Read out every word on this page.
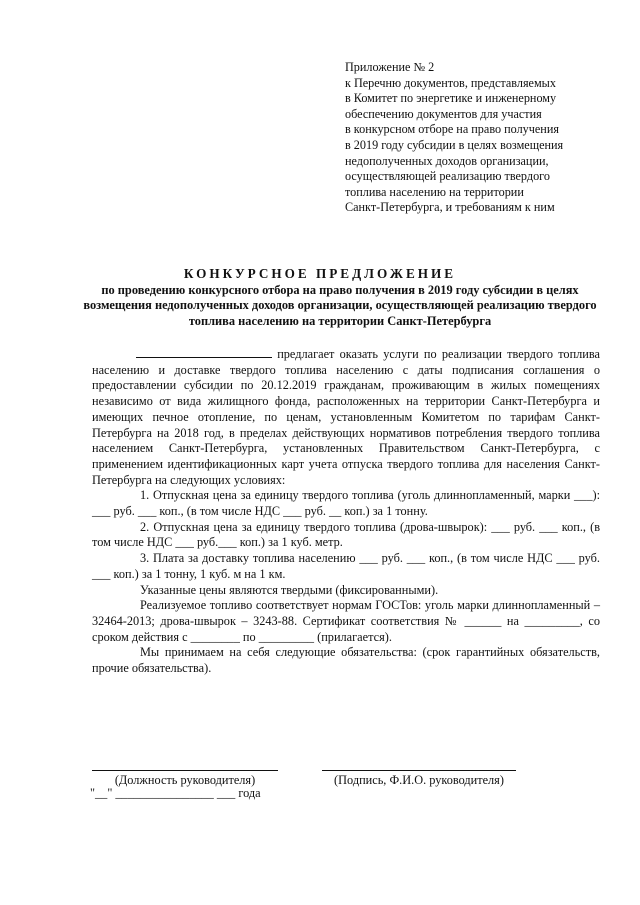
Приложение № 2
к Перечню документов, представляемых
в Комитет по энергетике и инженерному
обеспечению документов для участия
в конкурсном отборе на право получения
в 2019 году субсидии в целях возмещения
недополученных доходов организации,
осуществляющей реализацию твердого
топлива населению на территории
Санкт-Петербурга, и требованиям к ним
КОНКУРСНОЕ ПРЕДЛОЖЕНИЕ
по проведению конкурсного отбора на право получения в 2019 году субсидии в целях возмещения недополученных доходов организации, осуществляющей реализацию твердого топлива населению на территории Санкт-Петербурга

предлагает оказать услуги по реализации твердого топлива населению и доставке твердого топлива населению с даты подписания соглашения о предоставлении субсидии по 20.12.2019 гражданам, проживающим в жилых помещениях независимо от вида жилищного фонда, расположенных на территории Санкт-Петербурга и имеющих печное отопление, по ценам, установленным Комитетом по тарифам Санкт-Петербурга на 2018 год, в пределах действующих нормативов потребления твердого топлива населением Санкт-Петербурга, установленных Правительством Санкт-Петербурга, с применением идентификационных карт учета отпуска твердого топлива для населения Санкт-Петербурга на следующих условиях:

1. Отпускная цена за единицу твердого топлива (уголь длиннопламенный, марки ___): ___ руб. ___ коп., (в том числе НДС ___ руб. __ коп.) за 1 тонну.

2. Отпускная цена за единицу твердого топлива (дрова-швырок): ___ руб. ___ коп., (в том числе НДС ___ руб.___ коп.) за 1 куб. метр.

3. Плата за доставку топлива населению ___ руб. ___ коп., (в том числе НДС ___ руб. ___ коп.) за 1 тонну, 1 куб. м на 1 км.

Указанные цены являются твердыми (фиксированными).

Реализуемое топливо соответствует нормам ГОСТов: уголь марки длиннопламенный – 32464-2013; дрова-швырок – 3243-88. Сертификат соответствия № ______ на _________, со сроком действия с ________ по _________ (прилагается).

Мы принимаем на себя следующие обязательства: (срок гарантийных обязательств, прочие обязательства).

(Должность руководителя)	(Подпись, Ф.И.О. руководителя)
"__" ________________ ___ года
